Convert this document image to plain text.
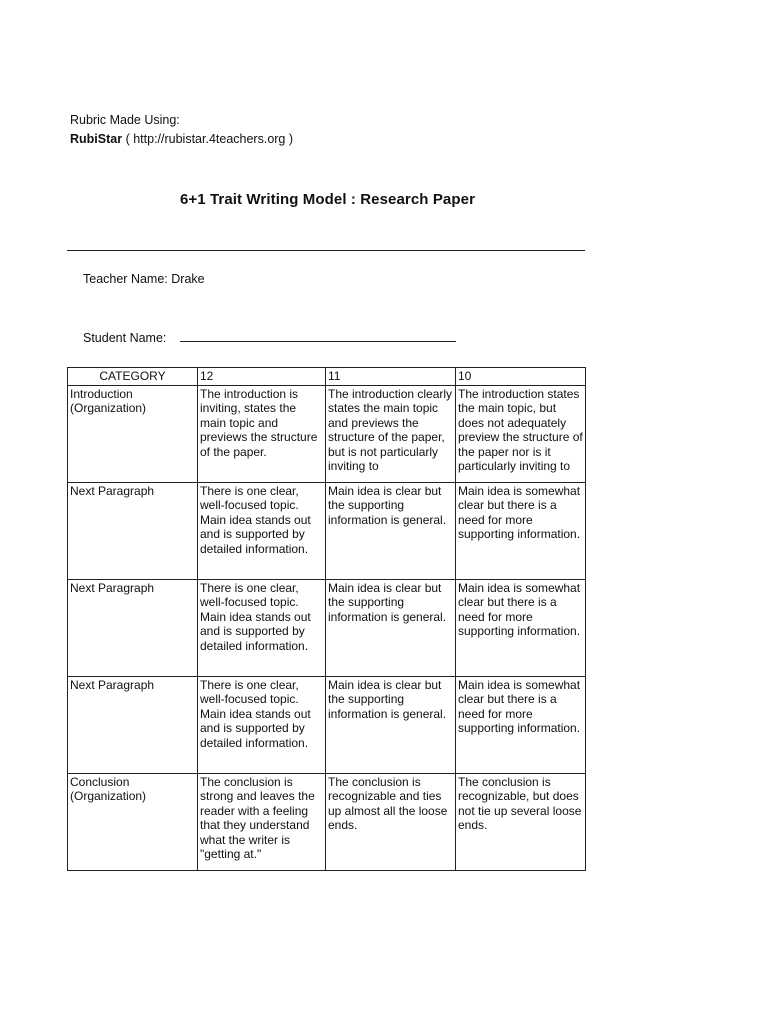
Rubric Made Using:
RubiStar ( http://rubistar.4teachers.org )
6+1 Trait Writing Model : Research Paper
Teacher Name: Drake
Student Name:
CATEGORY	12	11	10

Introduction (Organization)	The introduction is inviting, states the main topic and previews the structure of the paper.	The introduction clearly states the main topic and previews the structure of the paper, but is not particularly inviting to	The introduction states the main topic, but does not adequately preview the structure of the paper nor is it particularly inviting to

Next Paragraph	There is one clear, well-focused topic. Main idea stands out and is supported by detailed information.	Main idea is clear but the supporting information is general.	Main idea is somewhat clear but there is a need for more supporting information.

Next Paragraph	There is one clear, well-focused topic. Main idea stands out and is supported by detailed information.	Main idea is clear but the supporting information is general.	Main idea is somewhat clear but there is a need for more supporting information.

Next Paragraph	There is one clear, well-focused topic. Main idea stands out and is supported by detailed information.	Main idea is clear but the supporting information is general.	Main idea is somewhat clear but there is a need for more supporting information.

Conclusion (Organization)	The conclusion is strong and leaves the reader with a feeling that they understand what the writer is "getting at."	The conclusion is recognizable and ties up almost all the loose ends.	The conclusion is recognizable, but does not tie up several loose ends.
